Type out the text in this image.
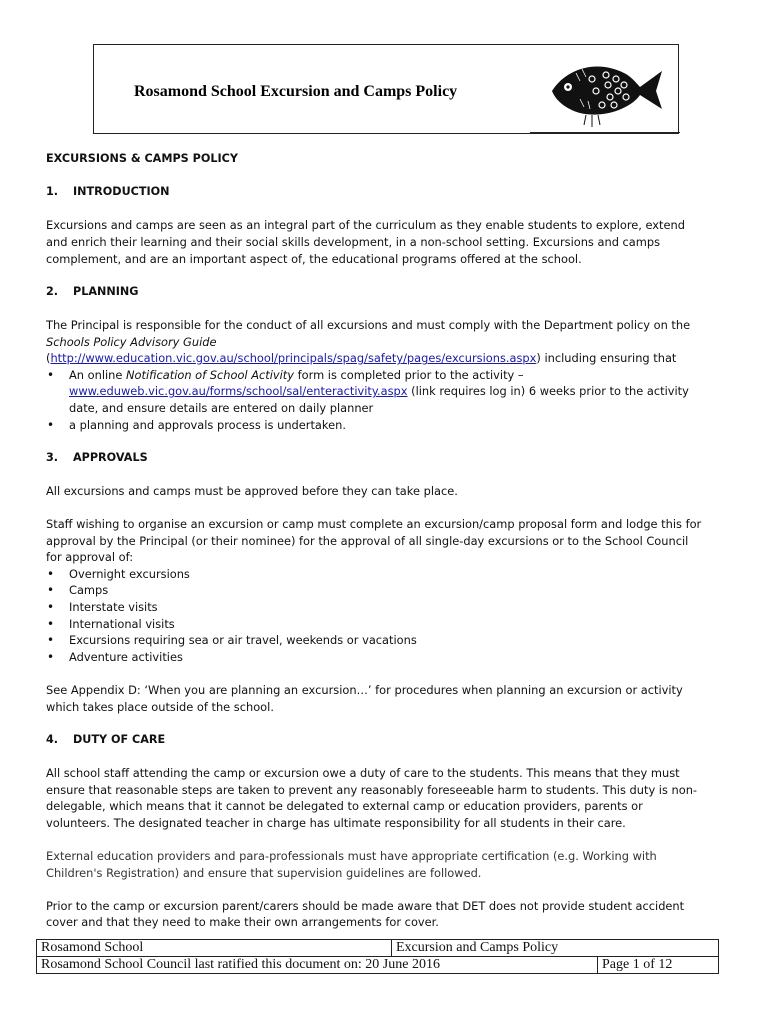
Rosamond School Excursion and Camps Policy

EXCURSIONS & CAMPS POLICY

1. INTRODUCTION

Excursions and camps are seen as an integral part of the curriculum as they enable students to explore, extend and enrich their learning and their social skills development, in a non-school setting. Excursions and camps complement, and are an important aspect of, the educational programs offered at the school.

2. PLANNING

The Principal is responsible for the conduct of all excursions and must comply with the Department policy on the Schools Policy Advisory Guide
(http://www.education.vic.gov.au/school/principals/spag/safety/pages/excursions.aspx) including ensuring that

• An online Notification of School Activity form is completed prior to the activity – www.eduweb.vic.gov.au/forms/school/sal/enteractivity.aspx (link requires log in) 6 weeks prior to the activity date, and ensure details are entered on daily planner
• a planning and approvals process is undertaken.

3. APPROVALS

All excursions and camps must be approved before they can take place.

Staff wishing to organise an excursion or camp must complete an excursion/camp proposal form and lodge this for approval by the Principal (or their nominee) for the approval of all single-day excursions or to the School Council for approval of:

• Overnight excursions
• Camps
• Interstate visits
• International visits
• Excursions requiring sea or air travel, weekends or vacations
• Adventure activities

See Appendix D: ‘When you are planning an excursion…’ for procedures when planning an excursion or activity which takes place outside of the school.

4. DUTY OF CARE

All school staff attending the camp or excursion owe a duty of care to the students. This means that they must ensure that reasonable steps are taken to prevent any reasonably foreseeable harm to students. This duty is non-delegable, which means that it cannot be delegated to external camp or education providers, parents or volunteers. The designated teacher in charge has ultimate responsibility for all students in their care.

External education providers and para-professionals must have appropriate certification (e.g. Working with Children's Registration) and ensure that supervision guidelines are followed.

Prior to the camp or excursion parent/carers should be made aware that DET does not provide student accident cover and that they need to make their own arrangements for cover.

Rosamond School	Excursion and Camps Policy	
Rosamond School Council last ratified this document on: 20 June 2016		Page 1 of 12
